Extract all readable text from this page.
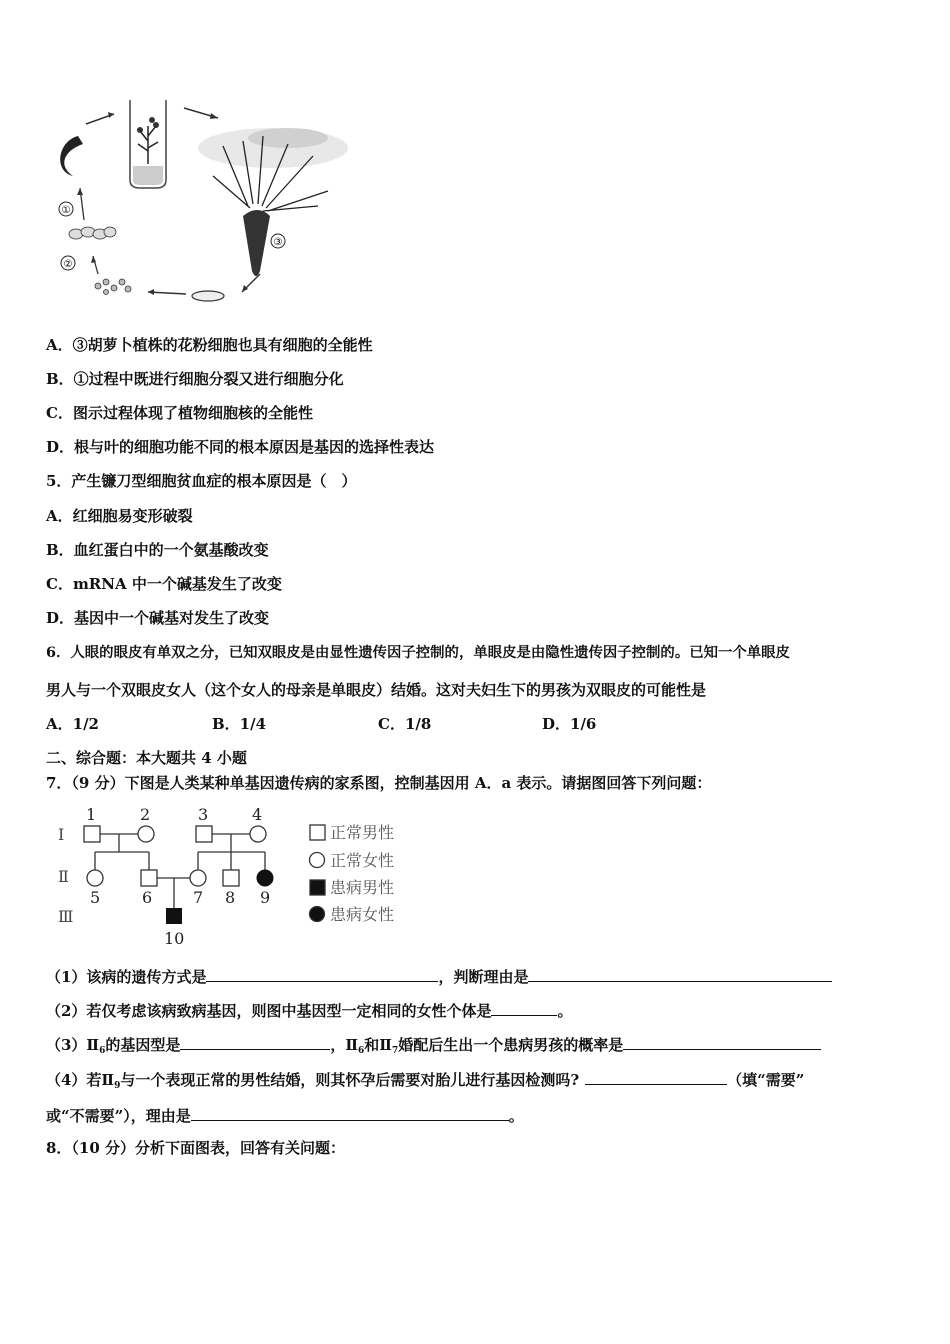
③
②
①
A．③胡萝卜植株的花粉细胞也具有细胞的全能性
B．①过程中既进行细胞分裂又进行细胞分化
C．图示过程体现了植物细胞核的全能性
D．根与叶的细胞功能不同的根本原因是基因的选择性表达
5．产生镰刀型细胞贫血症的根本原因是（　）
A．红细胞易变形破裂
B．血红蛋白中的一个氨基酸改变
C．mRNA 中一个碱基发生了改变
D．基因中一个碱基对发生了改变
6．人眼的眼皮有单双之分，已知双眼皮是由显性遗传因子控制的，单眼皮是由隐性遗传因子控制的。已知一个单眼皮
男人与一个双眼皮女人（这个女人的母亲是单眼皮）结婚。这对夫妇生下的男孩为双眼皮的可能性是
A．1/2	B．1/4	C．1/8	D．1/6
二、综合题：本大题共 4 小题
7．（9 分）下图是人类某种单基因遗传病的家系图，控制基因用 A．a 表示。请据图回答下列问题：
Ⅰ
Ⅱ
Ⅲ
1	2	3	4
5	6	7 8 9
10
正常男性
正常女性
患病男性
患病女性
（1）该病的遗传方式是	，判断理由是
（2）若仅考虑该病致病基因，则图中基因型一定相同的女性个体是	。
$(3)Ⅱ_6$的基因型是	，$Ⅱ_6$和$Ⅱ_7$婚配后生出一个患病男孩的概率是
（4）若$Ⅱ_9$与一个表现正常的男性结婚，则其怀孕后需要对胎儿进行基因检测吗?	（填“需要”
或“不需要”），理由是	。
8．（10 分）分析下面图表，回答有关问题：
